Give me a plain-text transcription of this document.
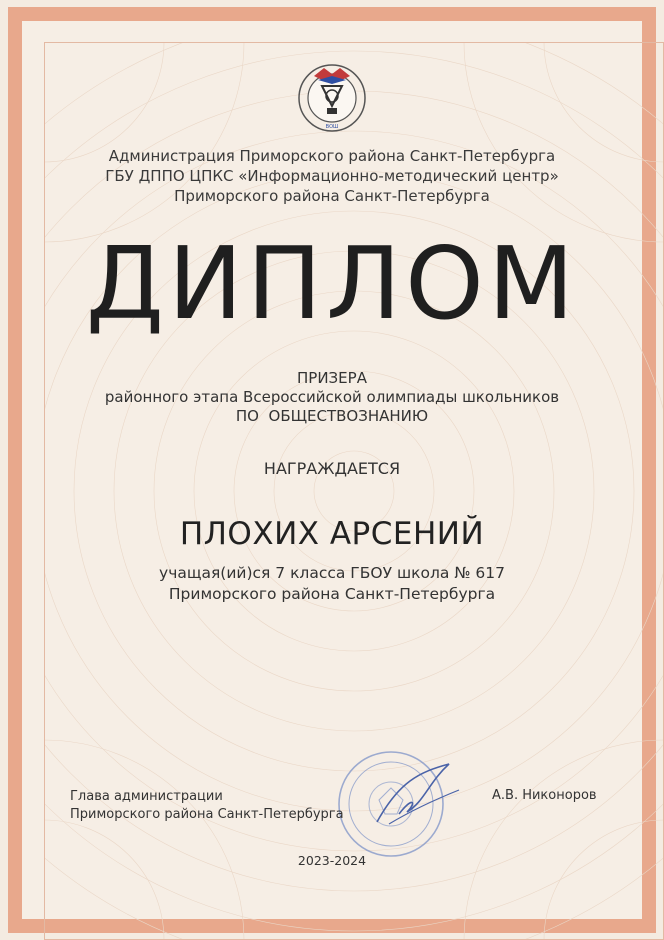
ВОШ
Администрация Приморского района Санкт-Петербурга
ГБУ ДППО ЦПКС «Информационно-методический центр»
Приморского района Санкт-Петербурга
ДИПЛОМ
ПРИЗЕРА
районного этапа Всероссийской олимпиады школьников
ПО  ОБЩЕСТВОЗНАНИЮ
НАГРАЖДАЕТСЯ
ПЛОХИХ АРСЕНИЙ
учащая(ий)ся 7 класса ГБОУ школа № 617
Приморского района Санкт-Петербурга
Глава администрации
Приморского района Санкт-Петербурга
А.В. Никоноров
2023-2024
